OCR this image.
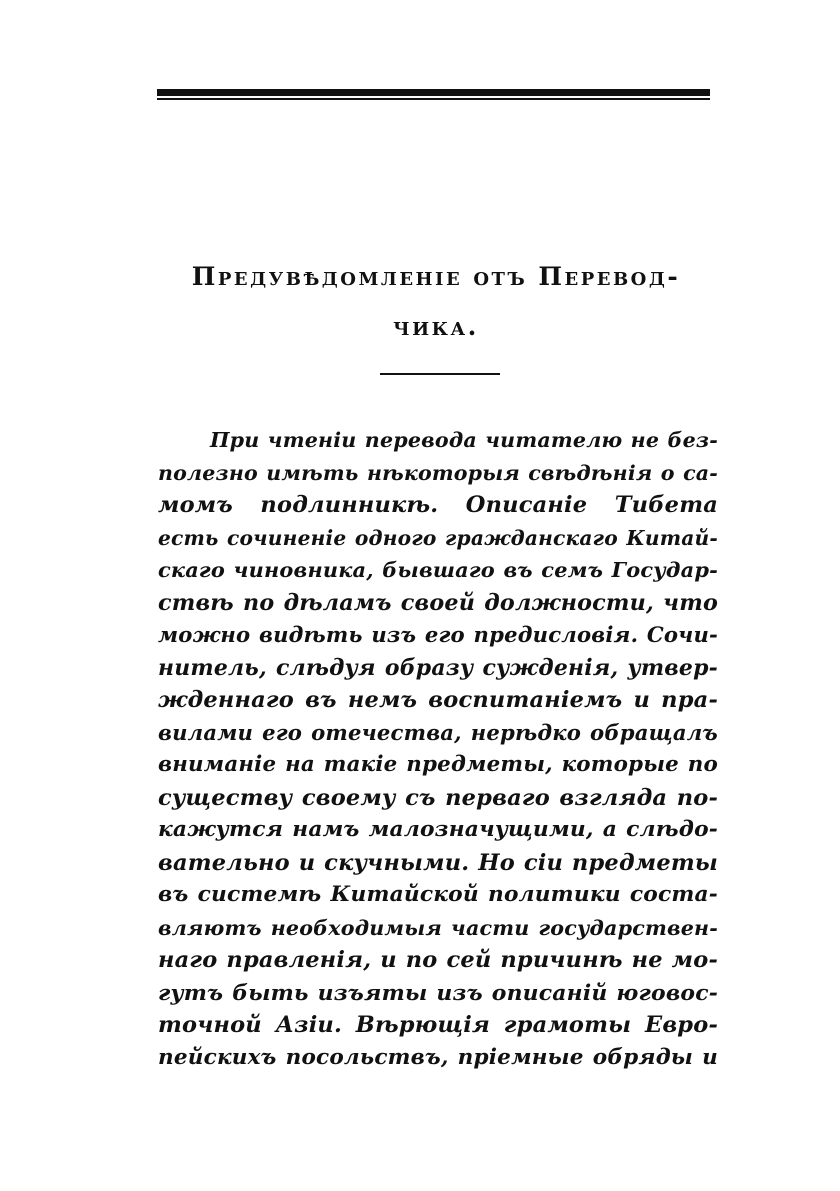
Предувѣдомленіе отъ Перевод-
чика.
При чтеніи перевода читателю не без-
полезно имѣть нѣкоторыя свѣдѣнія о са-
момъ подлинникѣ. Описаніе Тибета
есть сочиненіе одного гражданскаго Китай-
скаго чиновника, бывшаго въ семъ Государ-
ствѣ по дѣламъ своей должности, что
можно видѣть изъ его предисловія. Сочи-
нитель, слѣдуя образу сужденія, утвер-
жденнаго въ немъ воспитаніемъ и пра-
вилами его отечества, нерѣдко обращалъ
вниманіе на такіе предметы, которые по
существу своему съ перваго взгляда по-
кажутся намъ малозначущими, а слѣдо-
вательно и скучными. Но сіи предметы
въ системѣ Китайской политики соста-
вляютъ необходимыя части государствен-
наго правленія, и по сей причинѣ не мо-
гутъ быть изъяты изъ описаній юговос-
точной Азіи. Вѣрющія грамоты Евро-
пейскихъ посольствъ, пріемные обряды и
